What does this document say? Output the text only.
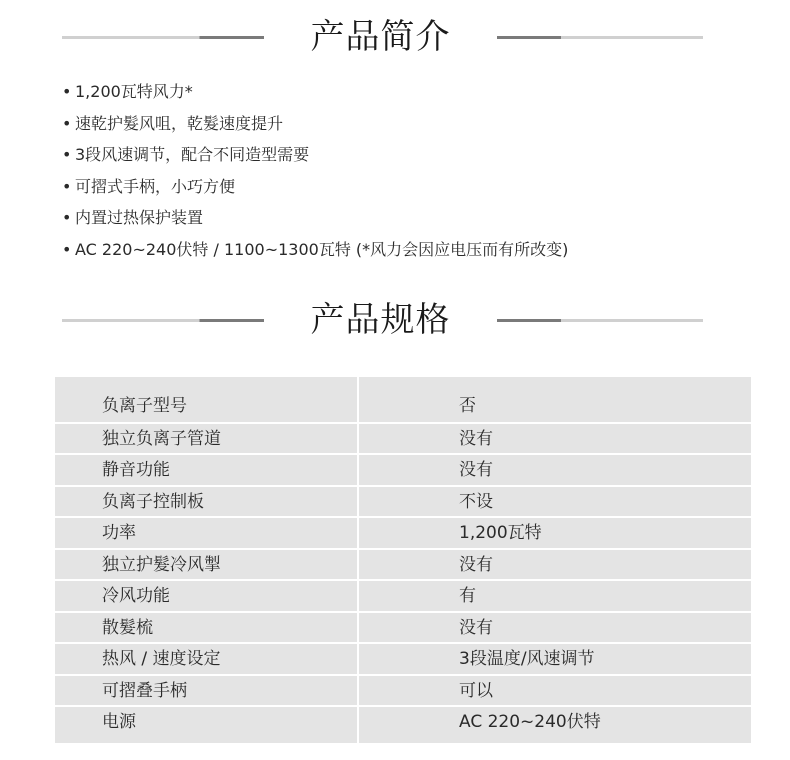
产品简介
• 1,200瓦特风力*
• 速乾护髮风咀，乾髮速度提升
• 3段风速调节，配合不同造型需要
• 可摺式手柄，小巧方便
• 内置过热保护装置
• AC 220~240伏特 / 1100~1300瓦特 (*风力会因应电压而有所改变)
产品规格
负离子型号	否
独立负离子管道	没有
静音功能	没有
负离子控制板	不设
功率	1,200瓦特
独立护髮冷风掣	没有
冷风功能	有
散髮梳	没有
热风 / 速度设定	3段温度/风速调节
可摺叠手柄	可以
电源	AC 220~240伏特
